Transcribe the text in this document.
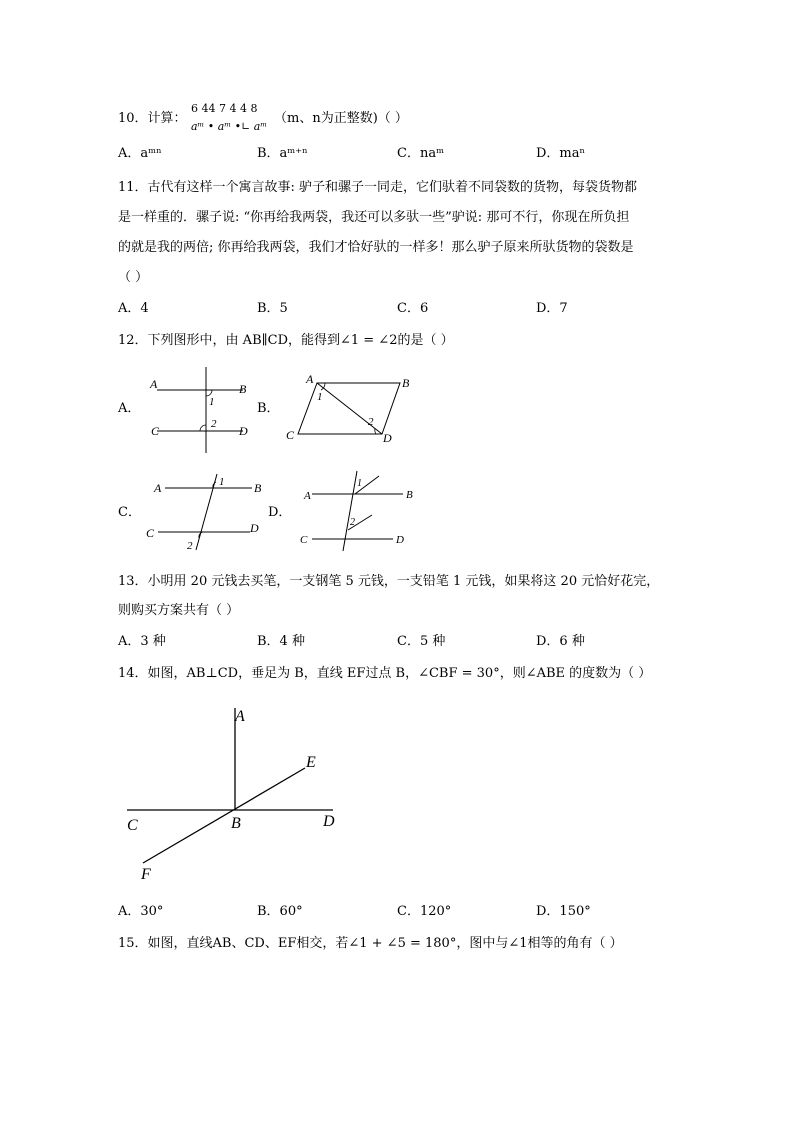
10．计算：
6 44 7 4 4 8
aᵐ • aᵐ •∟ aᵐ
（m、n为正整数)（ ）
A．aᵐⁿ	B．aᵐ⁺ⁿ	C．naᵐ	D．maⁿ
11．古代有这样一个寓言故事: 驴子和骡子一同走，它们驮着不同袋数的货物，每袋货物都
是一样重的．骡子说: “你再给我两袋，我还可以多驮一些”驴说: 那可不行，你现在所负担
的就是我的两倍; 你再给我两袋，我们才恰好驮的一样多！那么驴子原来所驮货物的袋数是
（ ）
A．4	B．5	C．6	D．7
12．下列图形中，由 AB∥CD，能得到∠1 = ∠2的是（ ）
A．
A	B
C	D
1
2
B．
A	B
C	D
1
2
C．
A	B
C	D
1
2
D．
A	B
C	D
1
2
13．小明用 20 元钱去买笔，一支钢笔 5 元钱，一支铅笔 1 元钱，如果将这 20 元恰好花完，
则购买方案共有（ ）
A．3 种	B．4 种	C．5 种	D．6 种
14．如图，AB⊥CD，垂足为 B，直线 EF过点 B，∠CBF = 30°，则∠ABE 的度数为（ ）
A
E
C	B	D
F
A．30°	B．60°	C．120°	D．150°
15．如图，直线AB、CD、EF相交，若∠1 + ∠5 = 180°，图中与∠1相等的角有（ ）
